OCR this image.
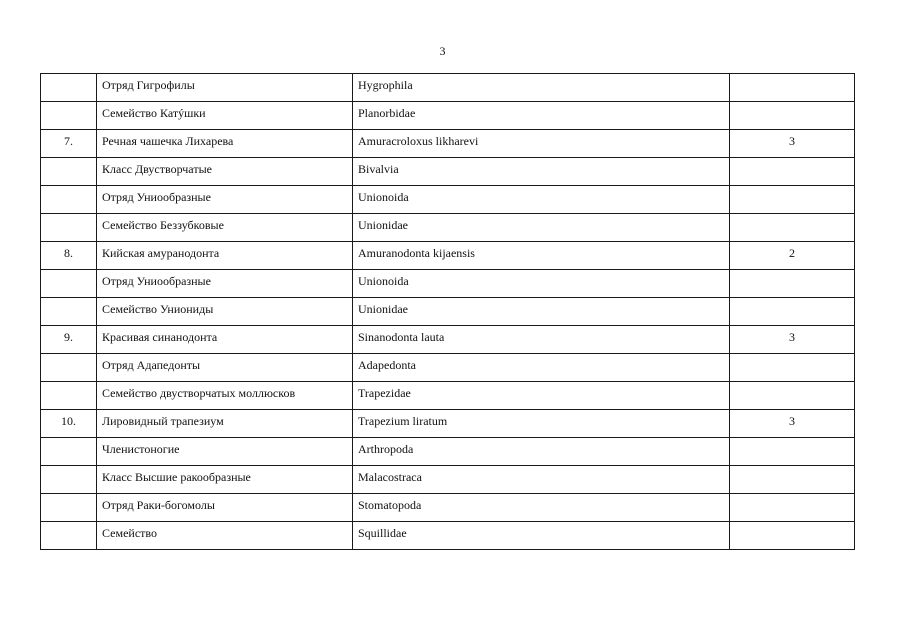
3
	Отряд Гигрофилы	Hygrophila	
	Семейство Катýшки	Planorbidae	
7.	Речная чашечка Лихарева	Amuracroloxus likharevi	3
	Класс Двустворчатые	Bivalvia	
	Отряд Униообразные	Unionoida	
	Семейство Беззубковые	Unionidae	
8.	Кийская амуранодонта	Amuranodonta kijaensis	2
	Отряд Униообразные	Unionoida	
	Семейство Униониды	Unionidae	
9.	Красивая синанодонта	Sinanodonta lauta	3
	Отряд Адапедонты	Adapedonta	
	Семейство двустворчатых моллюсков	Trapezidae	
10.	Лировидный трапезиум	Trapezium liratum	3
	Членистоногие	Arthropoda	
	Класс Высшие ракообразные	Malacostraca	
	Отряд Раки-богомолы	Stomatopoda	
	Семейство	Squillidae	
